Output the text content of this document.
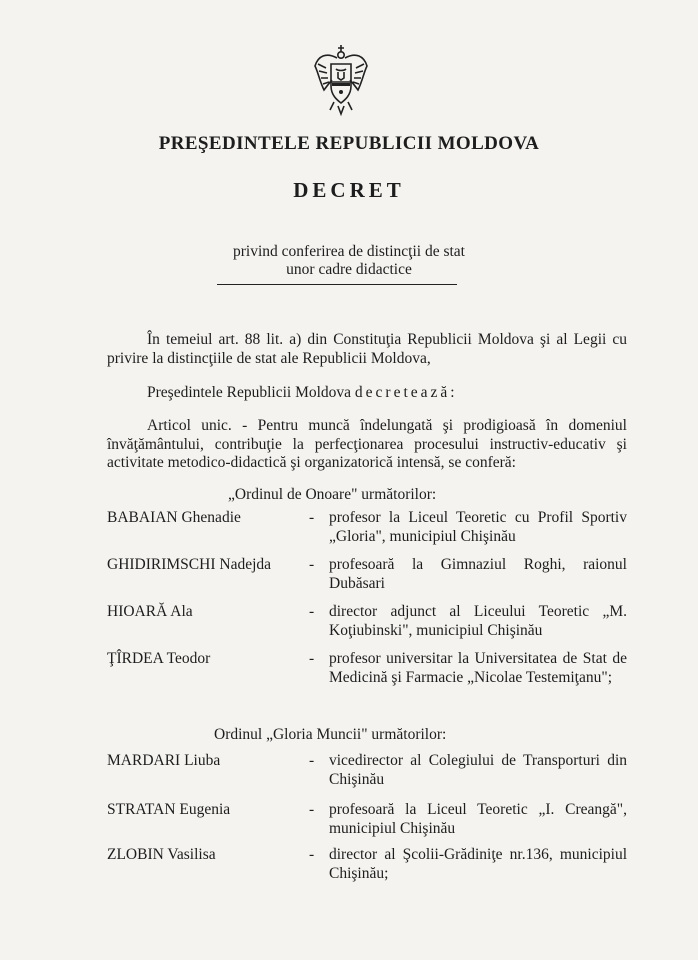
PREŞEDINTELE REPUBLICII MOLDOVA
DECRET
privind conferirea de distincţii de stat
unor cadre didactice
În temeiul art. 88 lit. a) din Constituţia Republicii Moldova şi al Legii cu privire la distincţiile de stat ale Republicii Moldova,
Preşedintele Republicii Moldova decretează:
Articol unic. - Pentru muncă îndelungată şi prodigioasă în domeniul învăţământului, contribuţie la perfecţionarea procesului instructiv-educativ şi activitate metodico-didactică şi organizatorică intensă, se conferă:
„Ordinul de Onoare" următorilor:
BABAIAN Ghenadie	- profesor la Liceul Teoretic cu Profil Sportiv „Gloria", municipiul Chişinău
GHIDIRIMSCHI Nadejda	- profesoară la Gimnaziul Roghi, raionul Dubăsari
HIOARĂ Ala	- director adjunct al Liceului Teoretic „M. Koţiubinski", municipiul Chişinău
ŢÎRDEA Teodor	- profesor universitar la Universitatea de Stat de Medicină şi Farmacie „Nicolae Testemiţanu";
Ordinul „Gloria Muncii" următorilor:
MARDARI Liuba	- vicedirector al Colegiului de Transporturi din Chişinău
STRATAN Eugenia	- profesoară la Liceul Teoretic „I. Creangă", municipiul Chişinău
ZLOBIN Vasilisa	- director al Şcolii-Grădiniţe nr.136, municipiul Chişinău;
